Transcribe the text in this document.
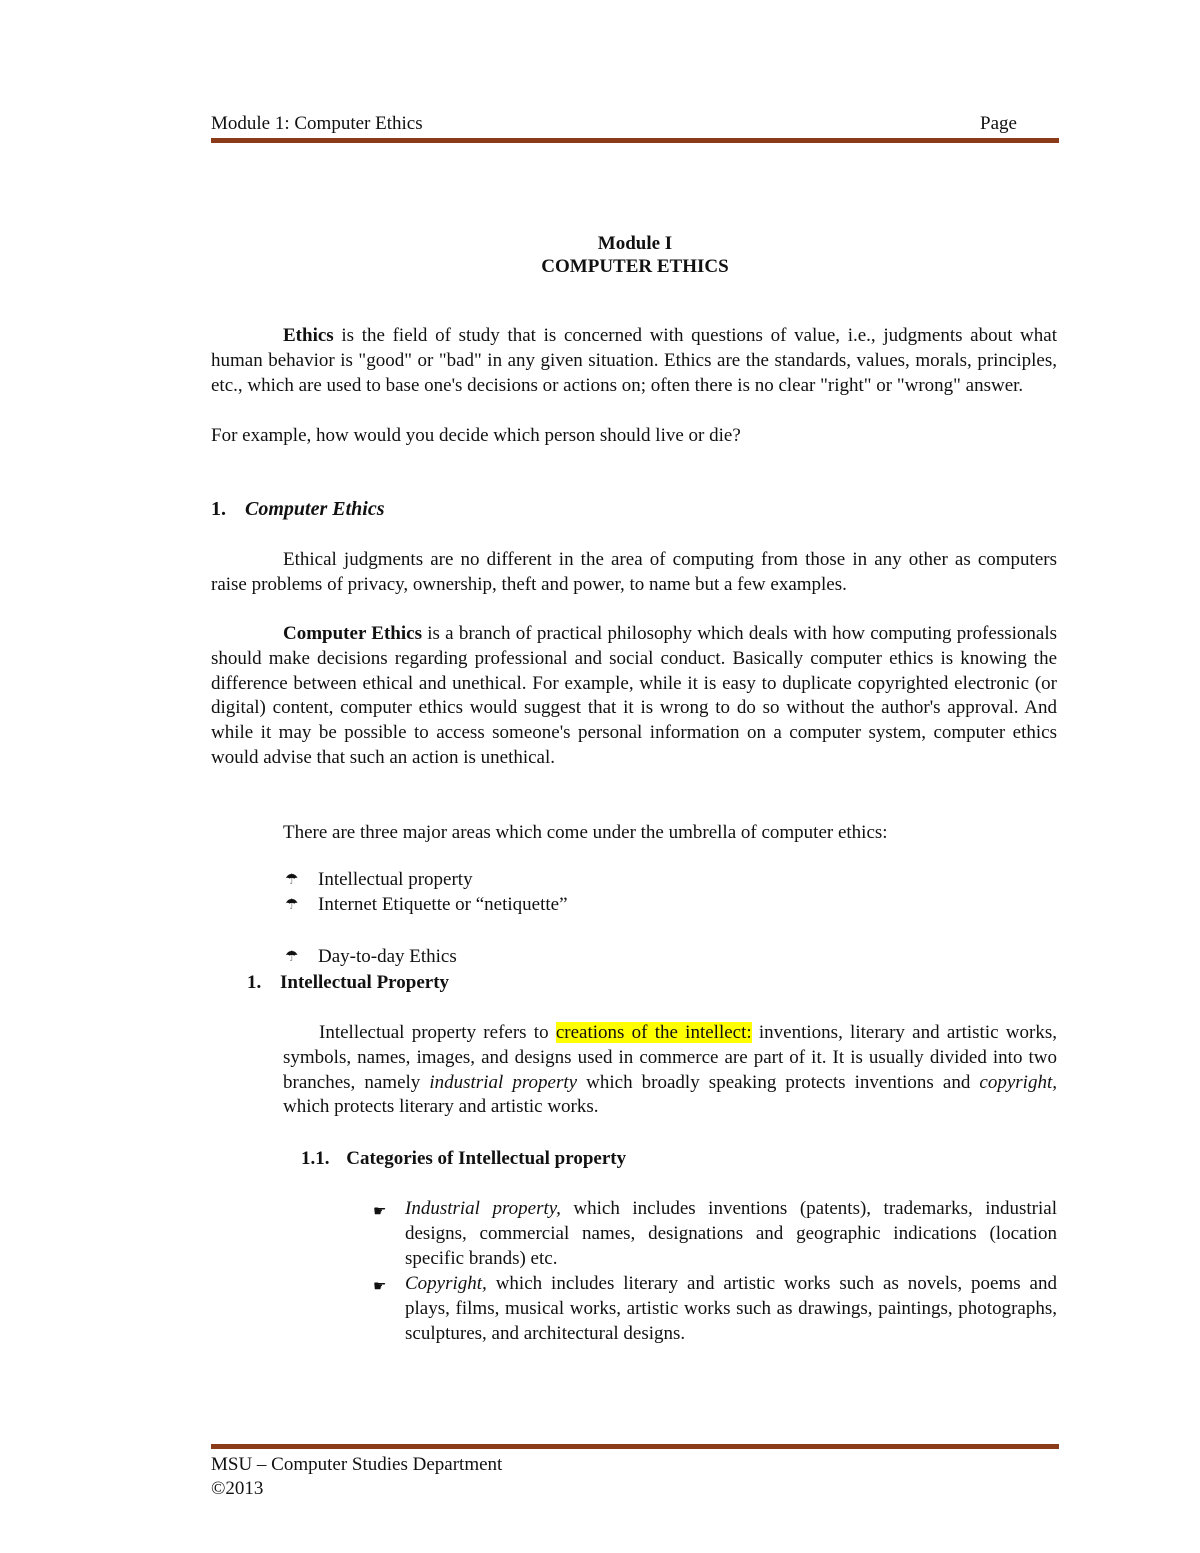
Module 1: Computer Ethics	Page
Module I
COMPUTER ETHICS

Ethics is the field of study that is concerned with questions of value, i.e., judgments about what human behavior is "good" or "bad" in any given situation. Ethics are the standards, values, morals, principles, etc., which are used to base one's decisions or actions on; often there is no clear "right" or "wrong" answer.

For example, how would you decide which person should live or die?
1. Computer Ethics

Ethical judgments are no different in the area of computing from those in any other as computers raise problems of privacy, ownership, theft and power, to name but a few examples.

Computer Ethics is a branch of practical philosophy which deals with how computing professionals should make decisions regarding professional and social conduct. Basically computer ethics is knowing the difference between ethical and unethical. For example, while it is easy to duplicate copyrighted electronic (or digital) content, computer ethics would suggest that it is wrong to do so without the author's approval. And while it may be possible to access someone's personal information on a computer system, computer ethics would advise that such an action is unethical.

There are three major areas which come under the umbrella of computer ethics:
☂ Intellectual property
☂ Internet Etiquette or “netiquette”
☂ Day-to-day Ethics
1. Intellectual Property

Intellectual property refers to creations of the intellect: inventions, literary and artistic works, symbols, names, images, and designs used in commerce are part of it. It is usually divided into two branches, namely industrial property which broadly speaking protects inventions and copyright, which protects literary and artistic works.

1.1. Categories of Intellectual property
☛ Industrial property, which includes inventions (patents), trademarks, industrial designs, commercial names, designations and geographic indications (location specific brands) etc.

☛ Copyright, which includes literary and artistic works such as novels, poems and plays, films, musical works, artistic works such as drawings, paintings, photographs, sculptures, and architectural designs.

MSU – Computer Studies Department
©2013
